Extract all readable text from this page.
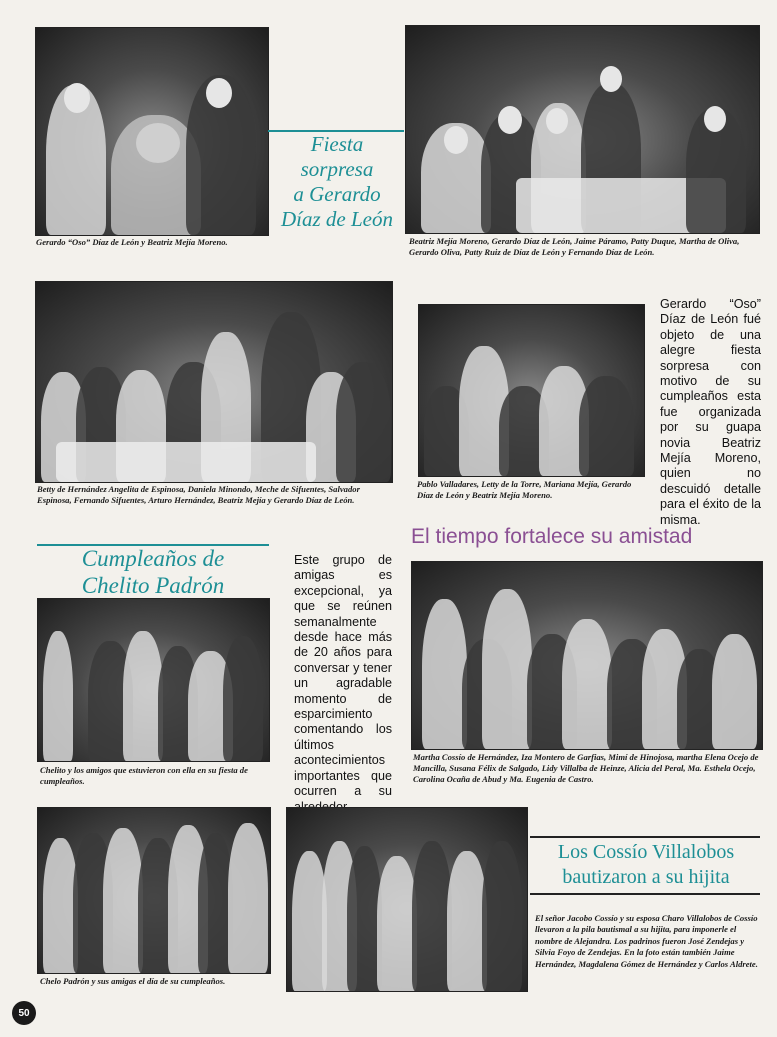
Gerardo “Oso” Díaz de León y Beatriz Mejía Moreno.
Fiesta
sorpresa
a Gerardo
Díaz de León
Beatriz Mejía Moreno, Gerardo Díaz de León, Jaime Páramo, Patty Duque, Martha de Oliva, Gerardo Oliva, Patty Ruiz de Díaz de León y Fernando Díaz de León.
Betty de Hernández Angelita de Espinosa, Daniela Minondo, Meche de Sifuentes, Salvador Espinosa, Fernando Sifuentes, Arturo Hernández, Beatriz Mejía y Gerardo Díaz de León.
Pablo Valladares, Letty de la Torre, Mariana Mejía, Gerardo Díaz de León y Beatriz Mejía Moreno.
Gerardo “Oso” Díaz de León fué objeto de una alegre fiesta sorpresa con motivo de su cumpleaños esta fue organizada por su guapa novia Beatriz Mejía Moreno, quien no descuidó detalle para el éxito de la misma.
Cumpleaños de
Chelito Padrón
Chelito y los amigos que estuvieron con ella en su fiesta de cumpleaños.
Chelo Padrón y sus amigas el día de su cumpleaños.
El tiempo fortalece su amistad
Este grupo de amigas es excepcional, ya que se reúnen semanalmente desde hace más de 20 años para conversar y tener un agradable momento de esparcimiento comentando los últimos acontecimientos importantes que ocurren a su
Martha Cossío de Hernández, Iza Montero de Garfias, Mimí de Hinojosa, martha Elena Ocejo de Mancilla, Susana Félix de Salgado, Lidy Villalba de Heinze, Alicia del Peral, Ma. Esthela Ocejo, Carolina Ocaña de Abud y Ma. Eugenia de Castro.
Los Cossío Villalobos
bautizaron a su hijita
El señor Jacobo Cossío y su esposa Charo Villalobos de Cossío llevaron a la pila bautismal a su hijita, para imponerle el nombre de Alejandra. Los padrinos fueron José Zendejas y Silvia Foyo de Zendejas. En la foto están también Jaime Hernández, Magdalena Gómez de Hernández y Carlos Aldrete.
50
